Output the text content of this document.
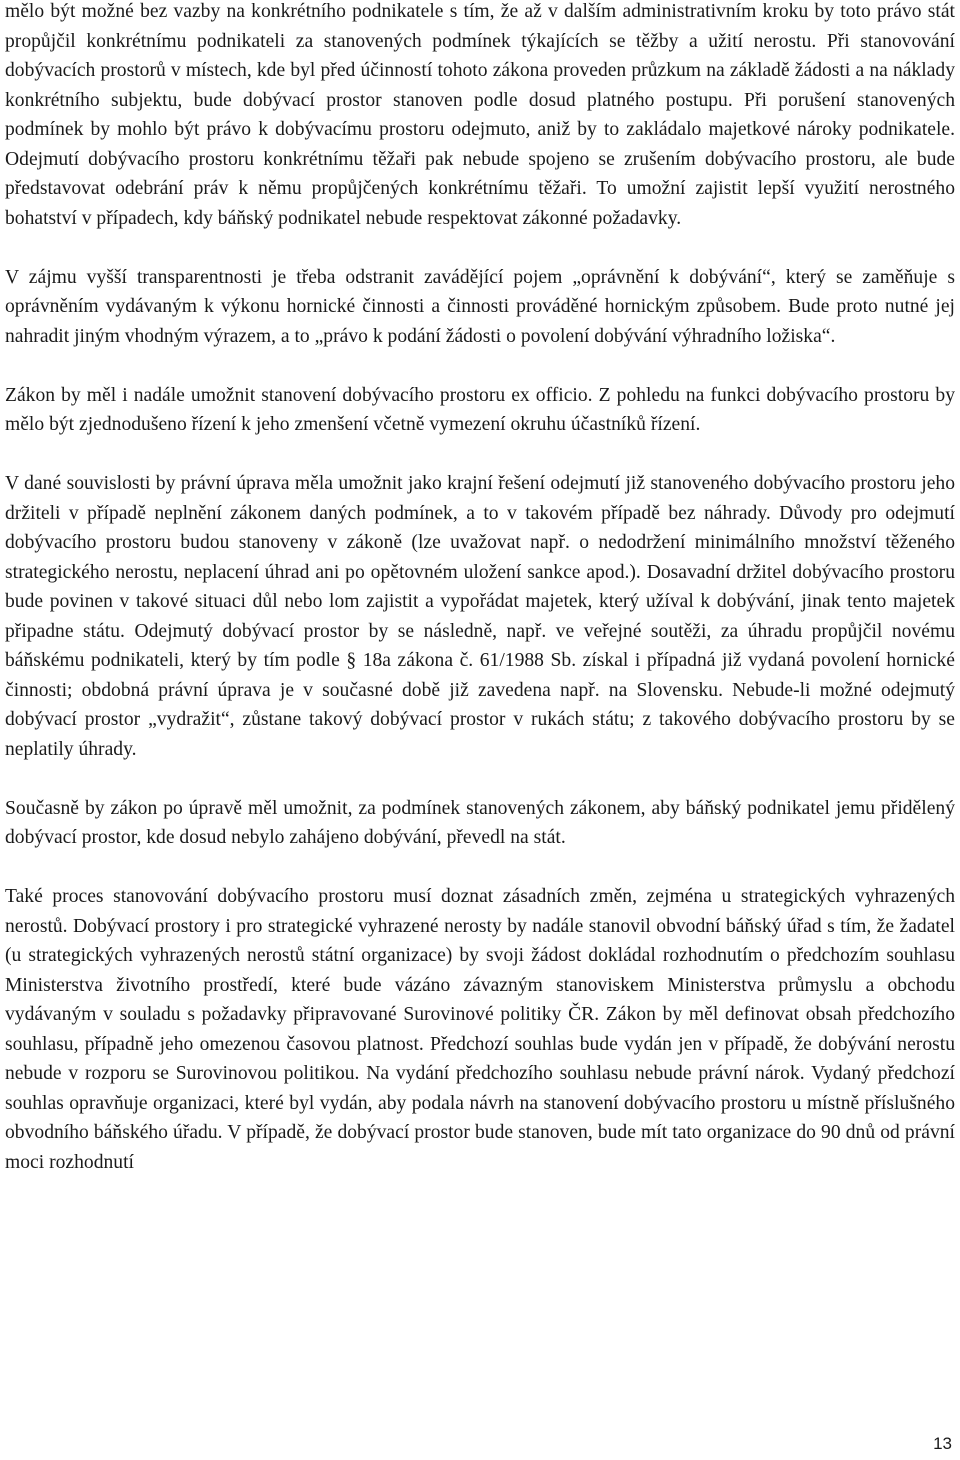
mělo být možné bez vazby na konkrétního podnikatele s tím, že až v dalším administrativním kroku by toto právo stát propůjčil konkrétnímu podnikateli za stanovených podmínek týkajících se těžby a užití nerostu. Při stanovování dobývacích prostorů v místech, kde byl před účinností tohoto zákona proveden průzkum na základě žádosti a na náklady konkrétního subjektu, bude dobývací prostor stanoven podle dosud platného postupu. Při porušení stanovených podmínek by mohlo být právo k dobývacímu prostoru odejmuto, aniž by to zakládalo majetkové nároky podnikatele. Odejmutí dobývacího prostoru konkrétnímu těžaři pak nebude spojeno se zrušením dobývacího prostoru, ale bude představovat odebrání práv k němu propůjčených konkrétnímu těžaři. To umožní zajistit lepší využití nerostného bohatství v případech, kdy báňský podnikatel nebude respektovat zákonné požadavky.

V zájmu vyšší transparentnosti je třeba odstranit zavádějící pojem „oprávnění k dobývání“, který se zaměňuje s oprávněním vydávaným k výkonu hornické činnosti a činnosti prováděné hornickým způsobem. Bude proto nutné jej nahradit jiným vhodným výrazem, a to „právo k podání žádosti o povolení dobývání výhradního ložiska“.

Zákon by měl i nadále umožnit stanovení dobývacího prostoru ex officio. Z pohledu na funkci dobývacího prostoru by mělo být zjednodušeno řízení k jeho zmenšení včetně vymezení okruhu účastníků řízení.

V dané souvislosti by právní úprava měla umožnit jako krajní řešení odejmutí již stanoveného dobývacího prostoru jeho držiteli v případě neplnění zákonem daných podmínek, a to v takovém případě bez náhrady. Důvody pro odejmutí dobývacího prostoru budou stanoveny v zákoně (lze uvažovat např. o nedodržení minimálního množství těženého strategického nerostu, neplacení úhrad ani po opětovném uložení sankce apod.). Dosavadní držitel dobývacího prostoru bude povinen v takové situaci důl nebo lom zajistit a vypořádat majetek, který užíval k dobývání, jinak tento majetek připadne státu. Odejmutý dobývací prostor by se následně, např. ve veřejné soutěži, za úhradu propůjčil novému báňskému podnikateli, který by tím podle § 18a zákona č. 61/1988 Sb. získal i případná již vydaná povolení hornické činnosti; obdobná právní úprava je v současné době již zavedena např. na Slovensku. Nebude-li možné odejmutý dobývací prostor „vydražit“, zůstane takový dobývací prostor v rukách státu; z takového dobývacího prostoru by se neplatily úhrady.

Současně by zákon po úpravě měl umožnit, za podmínek stanovených zákonem, aby báňský podnikatel jemu přidělený dobývací prostor, kde dosud nebylo zahájeno dobývání, převedl na stát.

Také proces stanovování dobývacího prostoru musí doznat zásadních změn, zejména u strategických vyhrazených nerostů. Dobývací prostory i pro strategické vyhrazené nerosty by nadále stanovil obvodní báňský úřad s tím, že žadatel (u strategických vyhrazených nerostů státní organizace) by svoji žádost dokládal rozhodnutím o předchozím souhlasu Ministerstva životního prostředí, které bude vázáno závazným stanoviskem Ministerstva průmyslu a obchodu vydávaným v souladu s požadavky připravované Surovinové politiky ČR. Zákon by měl definovat obsah předchozího souhlasu, případně jeho omezenou časovou platnost. Předchozí souhlas bude vydán jen v případě, že dobývání nerostu nebude v rozporu se Surovinovou politikou. Na vydání předchozího souhlasu nebude právní nárok. Vydaný předchozí souhlas opravňuje organizaci, které byl vydán, aby podala návrh na stanovení dobývacího prostoru u místně příslušného obvodního báňského úřadu. V případě, že dobývací prostor bude stanoven, bude mít tato organizace do 90 dnů od právní moci rozhodnutí

13
